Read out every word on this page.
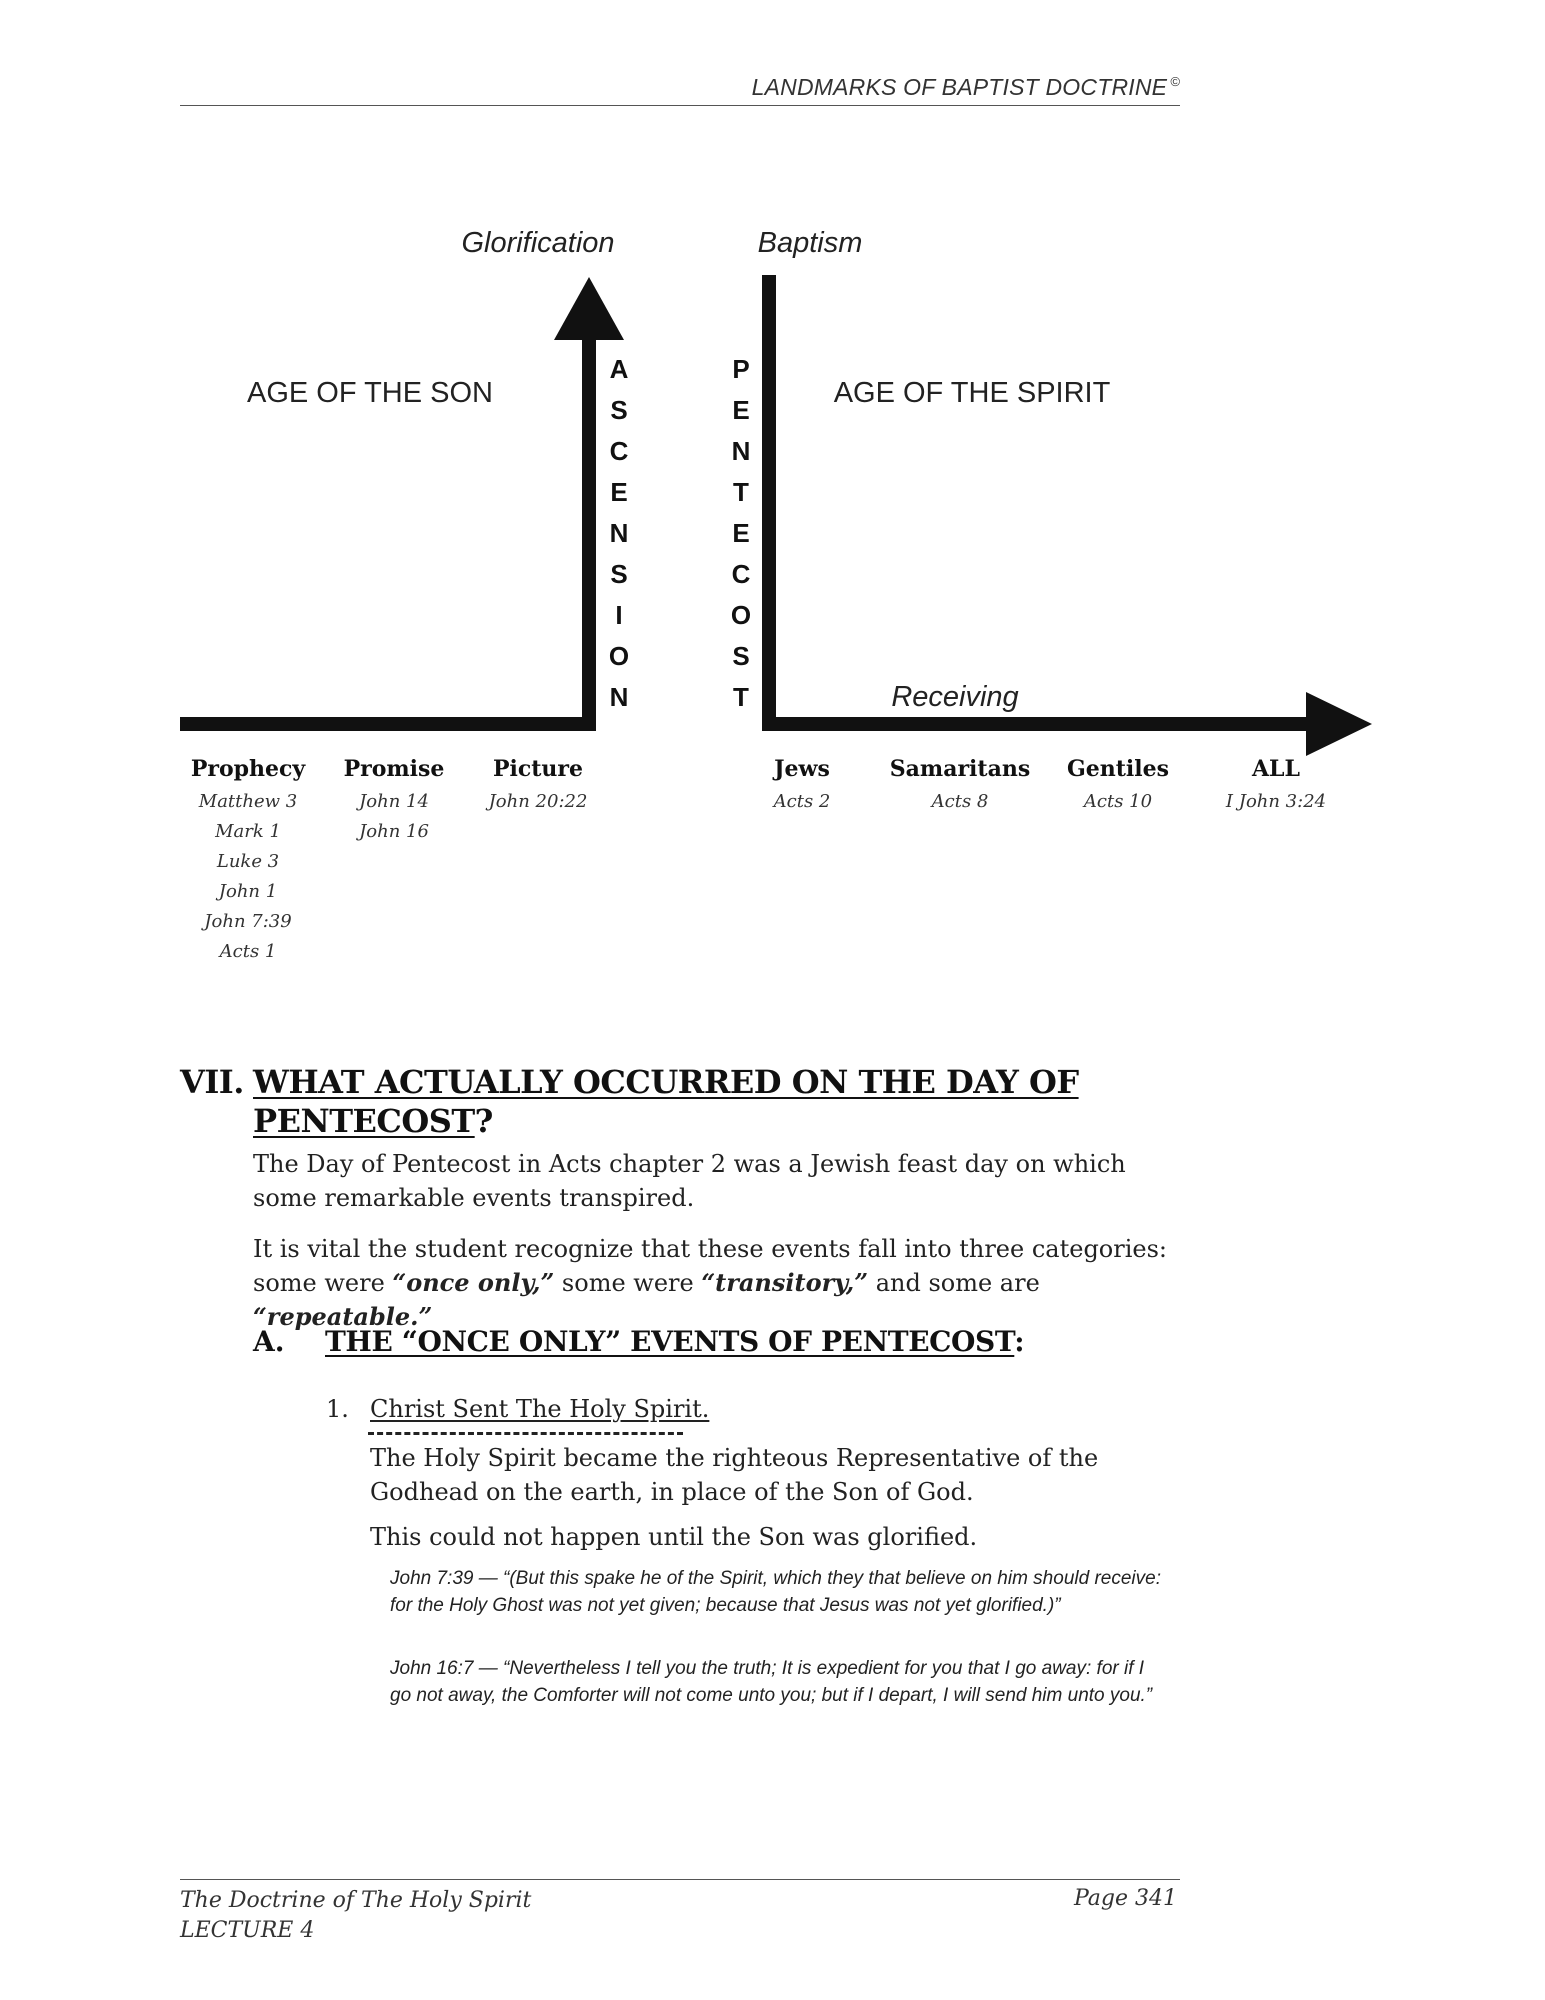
LANDMARKS OF BAPTIST DOCTRINE ©
Glorification	Baptism
AGE OF THE SON	AGE OF THE SPIRIT
Receiving
A
S
C
E
N
S
I
O
N
P
E
N
T
E
C
O
S
T
Prophecy
Matthew 3
Mark 1
Luke 3
John 1
John 7:39
Acts 1
Promise
John 14
John 16
Picture
John 20:22
Jews
Acts 2
Samaritans
Acts 8
Gentiles
Acts 10
ALL
I John 3:24
VII. WHAT ACTUALLY OCCURRED ON THE DAY OF PENTECOST?
The Day of Pentecost in Acts chapter 2 was a Jewish feast day on which some remarkable events transpired.
It is vital the student recognize that these events fall into three categories: some were “once only,” some were “transitory,” and some are “repeatable.”
A. THE “ONCE ONLY” EVENTS OF PENTECOST:
1. Christ Sent The Holy Spirit.
The Holy Spirit became the righteous Representative of the Godhead on the earth, in place of the Son of God.
This could not happen until the Son was glorified.
John 7:39 — “(But this spake he of the Spirit, which they that believe on him should receive: for the Holy Ghost was not yet given; because that Jesus was not yet glorified.)”
John 16:7 — “Nevertheless I tell you the truth; It is expedient for you that I go away: for if I go not away, the Comforter will not come unto you; but if I depart, I will send him unto you.”
The Doctrine of The Holy Spirit
LECTURE 4
Page 341
